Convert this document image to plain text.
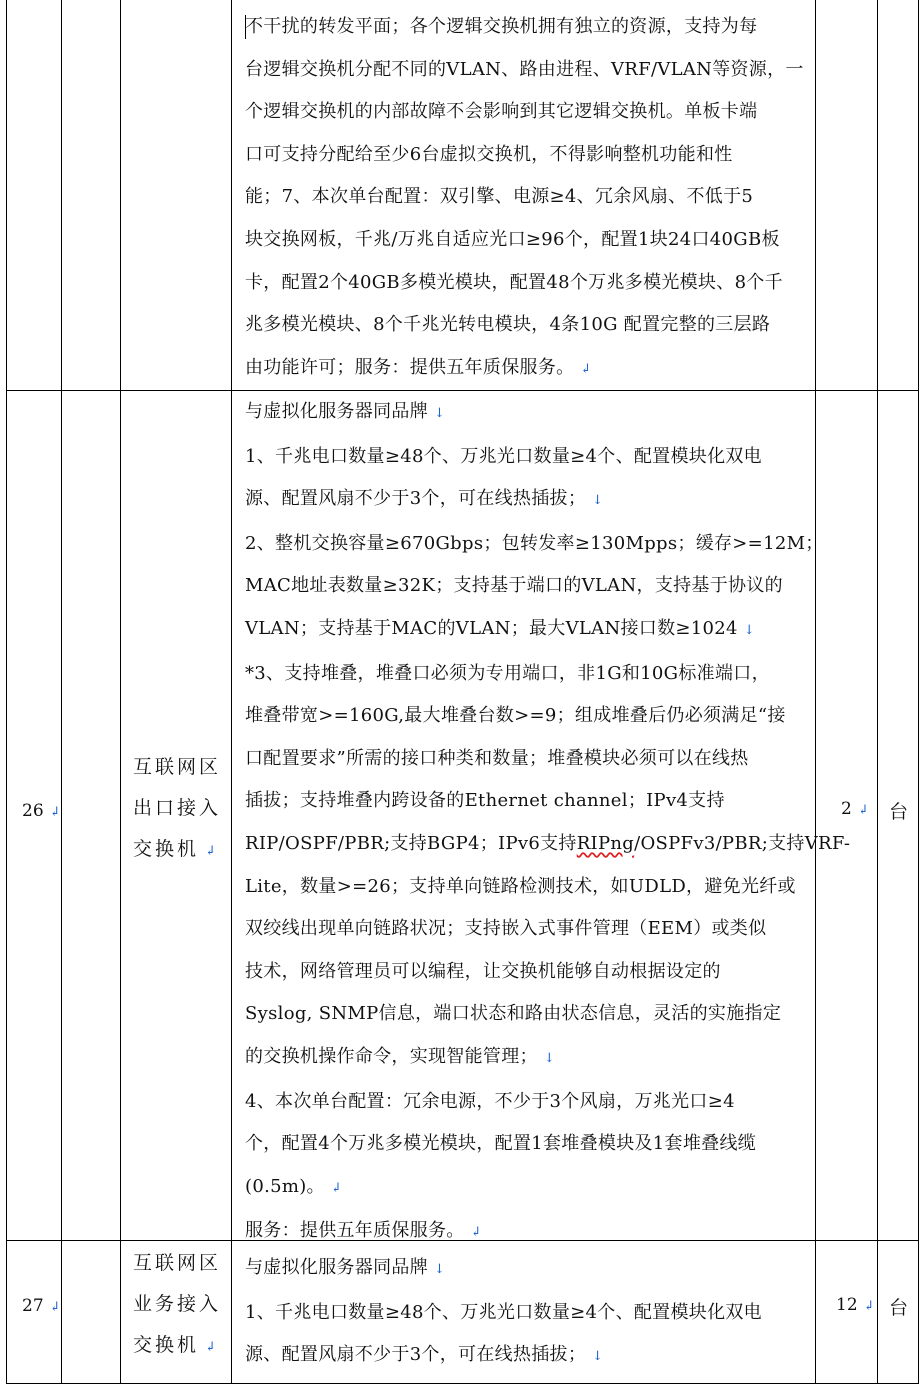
不干扰的转发平面；各个逻辑交换机拥有独立的资源，支持为每
台逻辑交换机分配不同的VLAN、路由进程、VRF/VLAN等资源，一
个逻辑交换机的内部故障不会影响到其它逻辑交换机。单板卡端
口可支持分配给至少6台虚拟交换机，不得影响整机功能和性
能；7、本次单台配置：双引擎、电源≥4、冗余风扇、不低于5
块交换网板，千兆/万兆自适应光口≥96个，配置1块24口40GB板
卡，配置2个40GB多模光模块，配置48个万兆多模光模块、8个千
兆多模光模块、8个千兆光转电模块，4条10G 配置完整的三层路
由功能许可；服务：提供五年质保服务。 ↲
26 ↲
互联网区
出口接入
交换机 ↲
与虚拟化服务器同品牌 ↓
1、千兆电口数量≥48个、万兆光口数量≥4个、配置模块化双电
源、配置风扇不少于3个，可在线热插拔； ↓
2、整机交换容量≥670Gbps；包转发率≥130Mpps；缓存>=12M；
MAC地址表数量≥32K；支持基于端口的VLAN，支持基于协议的
VLAN；支持基于MAC的VLAN；最大VLAN接口数≥1024 ↓
*3、支持堆叠，堆叠口必须为专用端口，非1G和10G标准端口，
堆叠带宽>=160G,最大堆叠台数>=9；组成堆叠后仍必须满足“接
口配置要求”所需的接口种类和数量；堆叠模块必须可以在线热
插拔；支持堆叠内跨设备的Ethernet channel；IPv4支持
RIP/OSPF/PBR;支持BGP4；IPv6支持RIPng/OSPFv3/PBR;支持VRF-
Lite，数量>=26；支持单向链路检测技术，如UDLD，避免光纤或
双绞线出现单向链路状况；支持嵌入式事件管理（EEM）或类似
技术，网络管理员可以编程，让交换机能够自动根据设定的
Syslog, SNMP信息，端口状态和路由状态信息，灵活的实施指定
的交换机操作命令，实现智能管理； ↓
4、本次单台配置：冗余电源，不少于3个风扇，万兆光口≥4
个，配置4个万兆多模光模块，配置1套堆叠模块及1套堆叠线缆
(0.5m)。 ↲
服务：提供五年质保服务。 ↲
2 ↲ 台
27 ↲
互联网区
业务接入
交换机 ↲
与虚拟化服务器同品牌 ↓
1、千兆电口数量≥48个、万兆光口数量≥4个、配置模块化双电
源、配置风扇不少于3个，可在线热插拔； ↓
12 ↲ 台
